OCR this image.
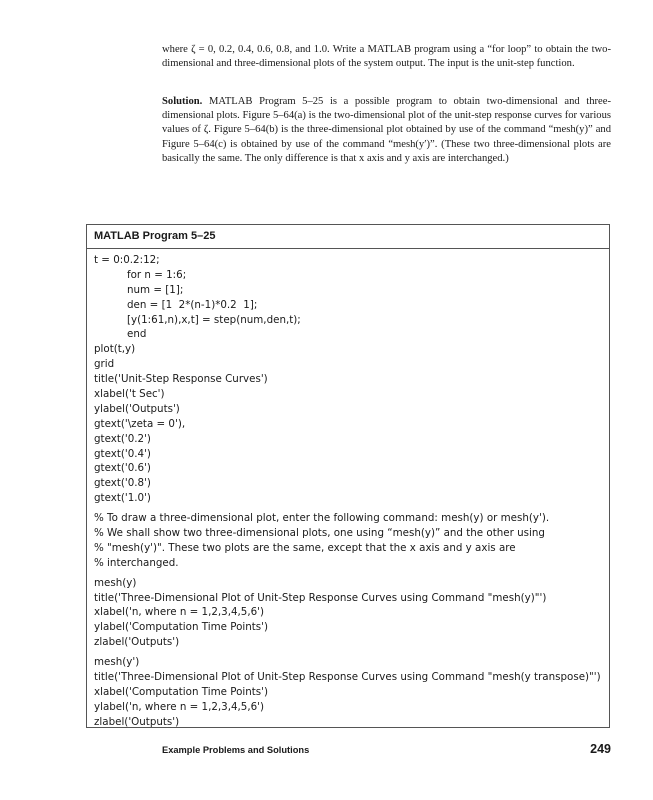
where ζ = 0, 0.2, 0.4, 0.6, 0.8, and 1.0. Write a MATLAB program using a “for loop” to obtain the two-dimensional and three-dimensional plots of the system output. The input is the unit-step function.

Solution. MATLAB Program 5–25 is a possible program to obtain two-dimensional and three-dimensional plots. Figure 5–64(a) is the two-dimensional plot of the unit-step response curves for various values of ζ. Figure 5–64(b) is the three-dimensional plot obtained by use of the command “mesh(y)” and Figure 5–64(c) is obtained by use of the command “mesh(y′)”. (These two three-dimensional plots are basically the same. The only difference is that x axis and y axis are interchanged.)

MATLAB Program 5–25
t = 0:0.2:12;
for n = 1:6;
num = [1];
den = [1  2*(n-1)*0.2  1];
[y(1:61,n),x,t] = step(num,den,t);
end
plot(t,y)
grid
title('Unit-Step Response Curves')
xlabel('t Sec')
ylabel('Outputs')
gtext('\zeta = 0'),
gtext('0.2')
gtext('0.4')
gtext('0.6')
gtext('0.8')
gtext('1.0')
% To draw a three-dimensional plot, enter the following command: mesh(y) or mesh(y').
% We shall show two three-dimensional plots, one using “mesh(y)” and the other using
% "mesh(y')". These two plots are the same, except that the x axis and y axis are
% interchanged.
mesh(y)
title('Three-Dimensional Plot of Unit-Step Response Curves using Command "mesh(y)"')
xlabel('n, where n = 1,2,3,4,5,6')
ylabel('Computation Time Points')
zlabel('Outputs')
mesh(y')
title('Three-Dimensional Plot of Unit-Step Response Curves using Command "mesh(y transpose)"')
xlabel('Computation Time Points')
ylabel('n, where n = 1,2,3,4,5,6')
zlabel('Outputs')
Example Problems and Solutions	249
